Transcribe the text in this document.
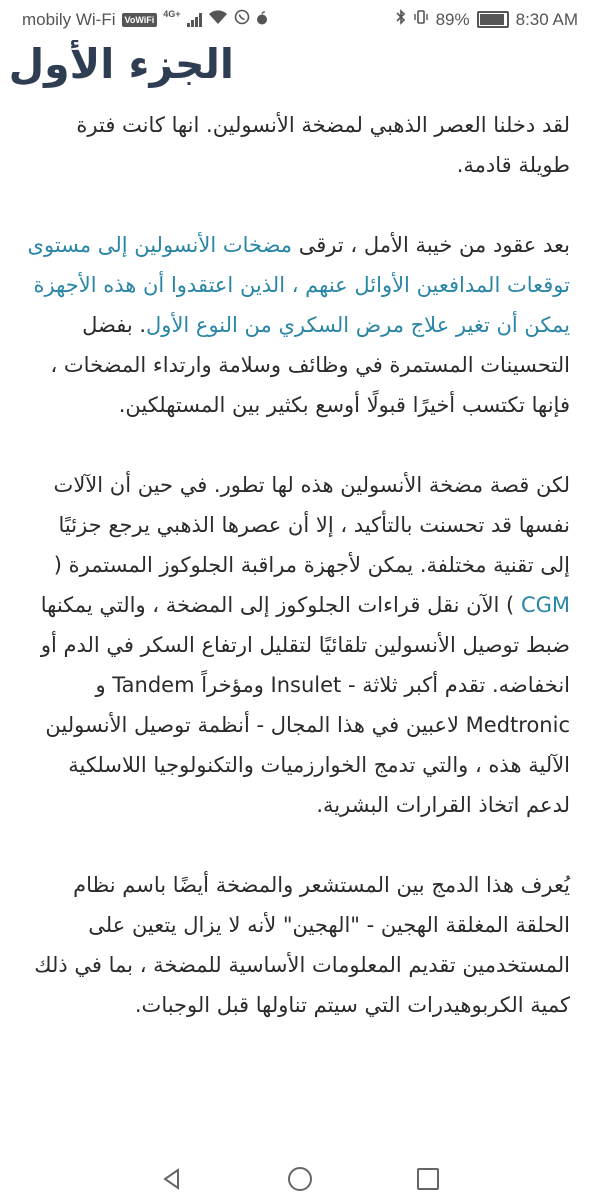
mobily Wi-Fi	VoWiFi
4G+	89%	8:30 AM
الجزء الأول

لقد دخلنا العصر الذهبي لمضخة الأنسولين. انها كانت فترة طويلة قادمة.

بعد عقود من خيبة الأمل ، ترقى مضخات الأنسولين إلى مستوى توقعات المدافعين الأوائل عنهم ، الذين اعتقدوا أن هذه الأجهزة يمكن أن تغير علاج مرض السكري من النوع الأول. بفضل التحسينات المستمرة في وظائف وسلامة وارتداء المضخات ، فإنها تكتسب أخيرًا قبولًا أوسع بكثير بين المستهلكين.

لكن قصة مضخة الأنسولين هذه لها تطور. في حين أن الآلات نفسها قد تحسنت بالتأكيد ، إلا أن عصرها الذهبي يرجع جزئيًا إلى تقنية مختلفة. يمكن لأجهزة مراقبة الجلوكوز المستمرة ( CGM ) الآن نقل قراءات الجلوكوز إلى المضخة ، والتي يمكنها ضبط توصيل الأنسولين تلقائيًا لتقليل ارتفاع السكر في الدم أو انخفاضه. تقدم أكبر ثلاثة - Insulet ومؤخراً Tandem و Medtronic لاعبين في هذا المجال - أنظمة توصيل الأنسولين الآلية هذه ، والتي تدمج الخوارزميات والتكنولوجيا اللاسلكية لدعم اتخاذ القرارات البشرية.

يُعرف هذا الدمج بين المستشعر والمضخة أيضًا باسم نظام الحلقة المغلقة الهجين - "الهجين" لأنه لا يزال يتعين على المستخدمين تقديم المعلومات الأساسية للمضخة ، بما في ذلك كمية الكربوهيدرات التي سيتم تناولها قبل الوجبات.
